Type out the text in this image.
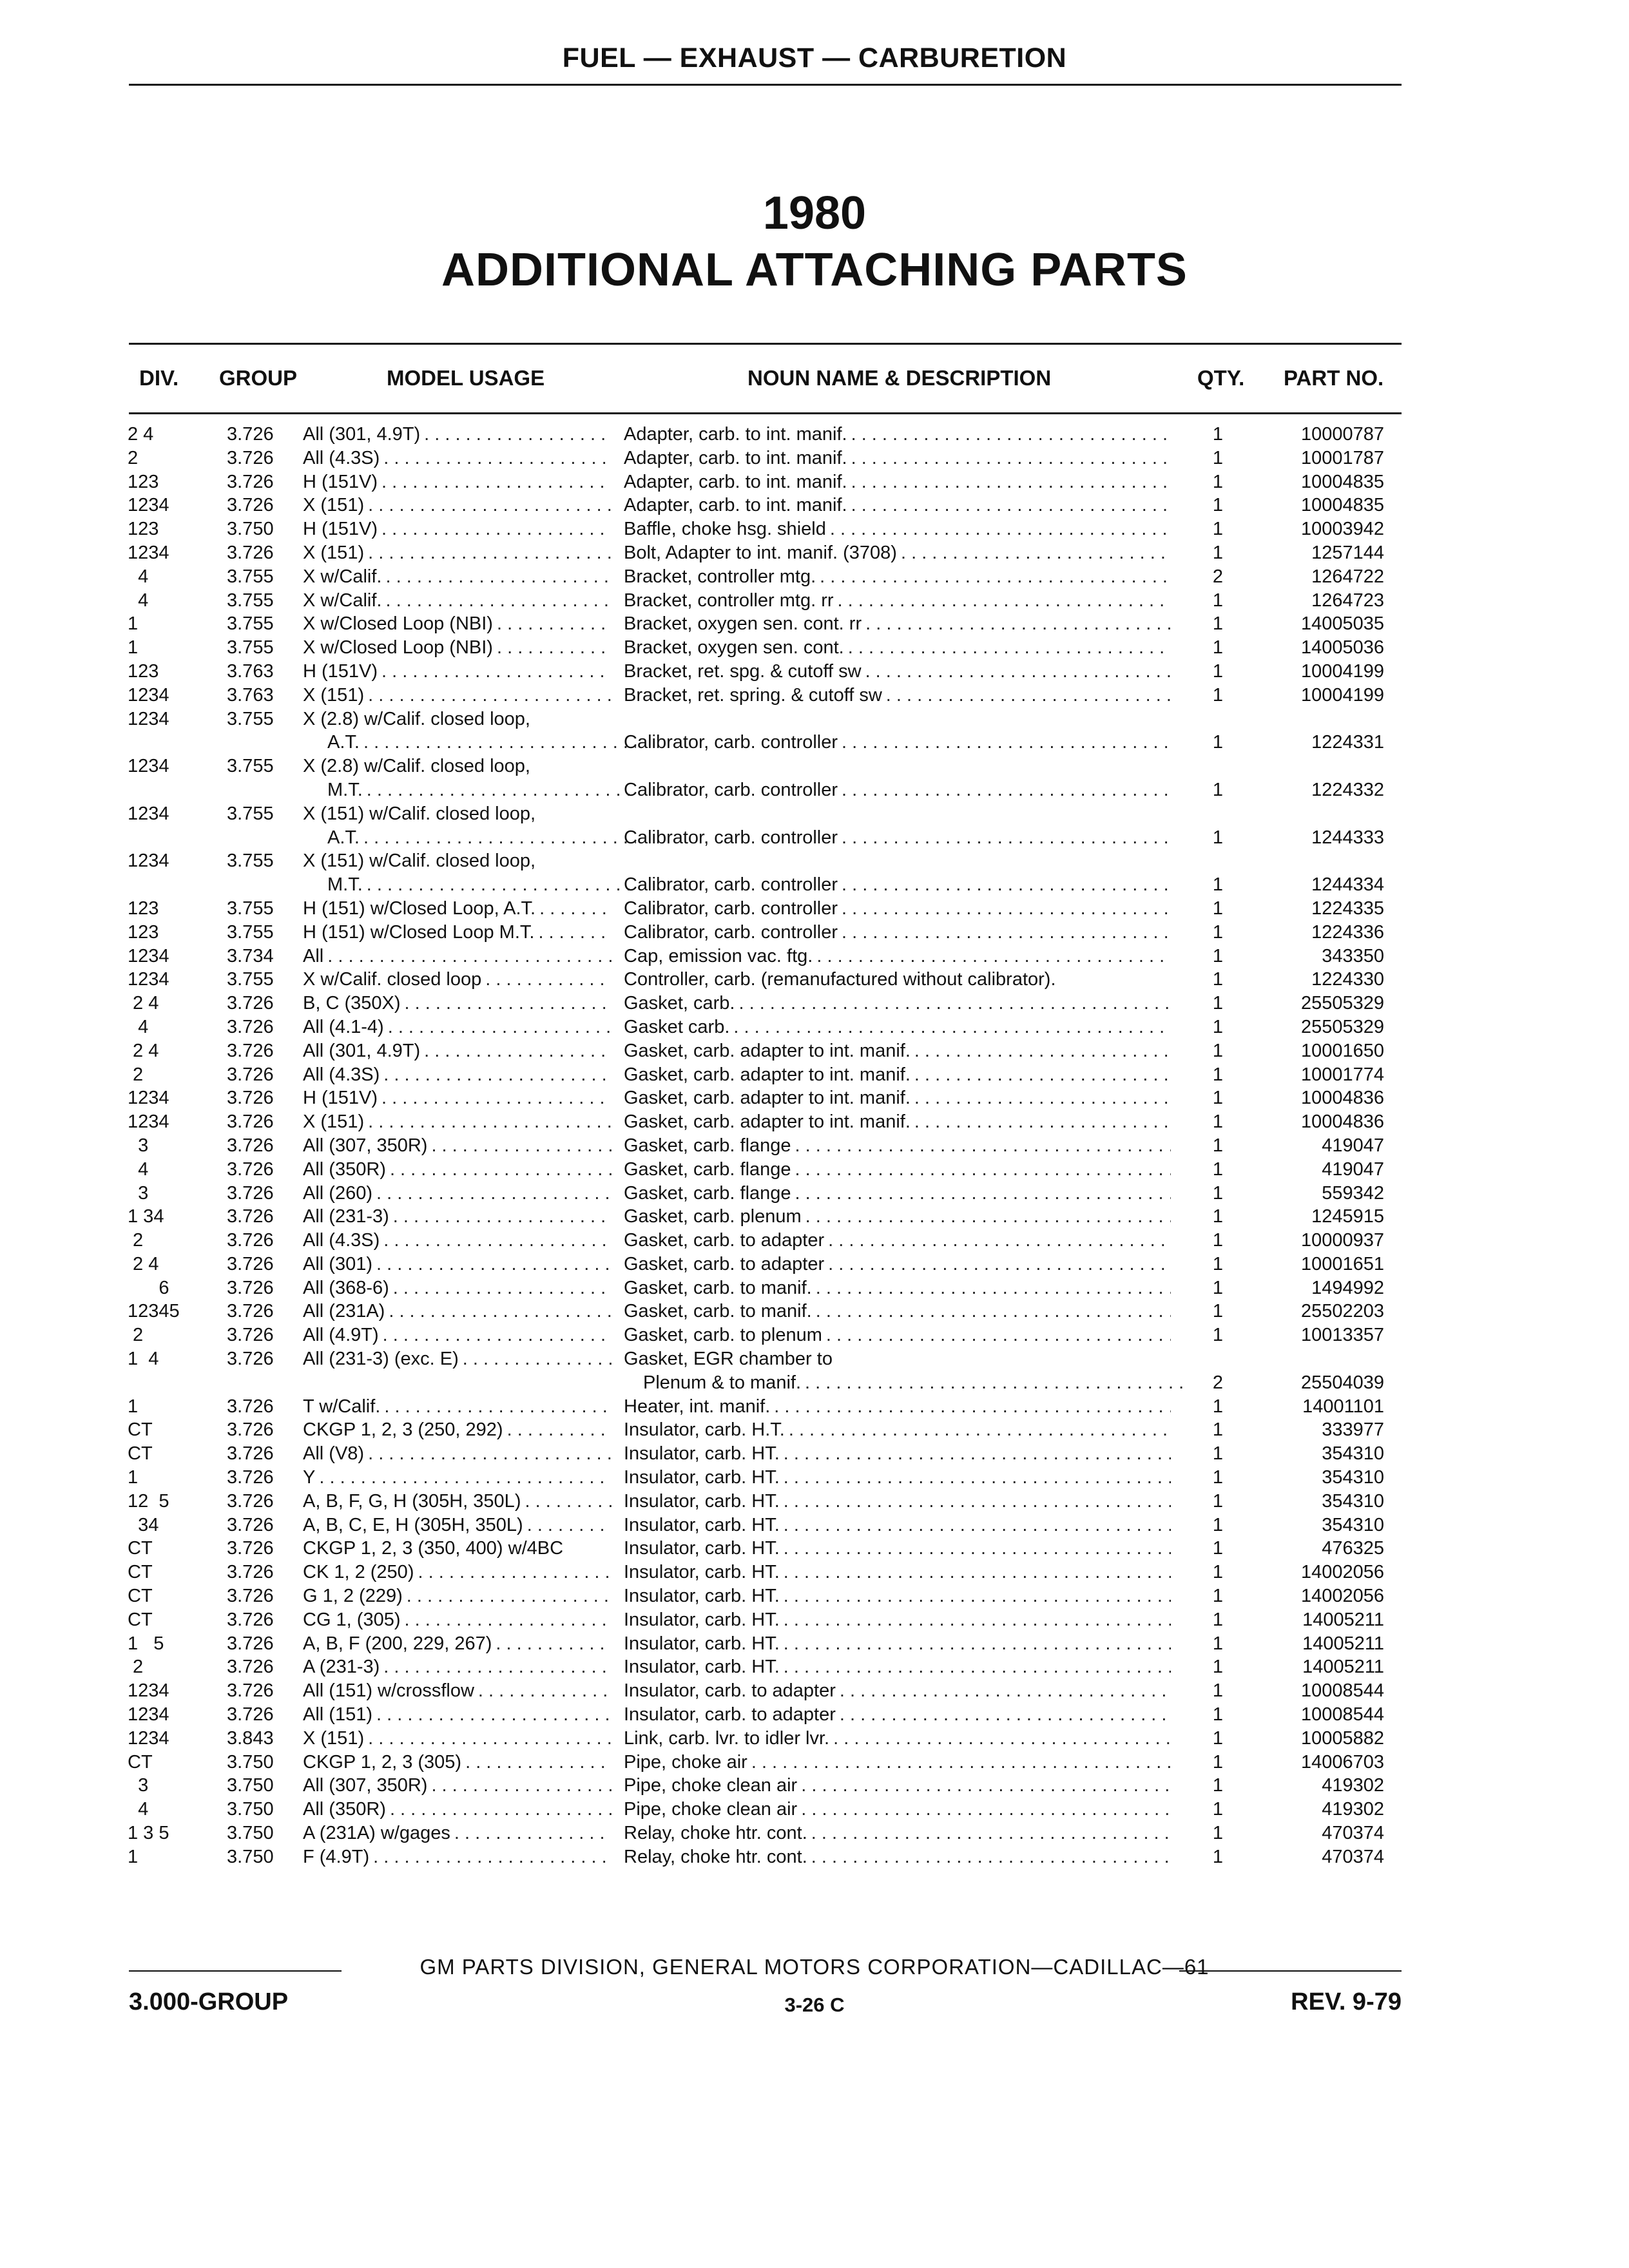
FUEL — EXHAUST — CARBURETION
1980
ADDITIONAL ATTACHING PARTS
DIV. GROUP	MODEL USAGE	NOUN NAME & DESCRIPTION	QTY. PART NO.
2 4	3.726	All (301, 4.9T) . . .	Adapter, carb. to int. manif. . . .	1	10000787
2	3.726	All (4.3S) . . .	Adapter, carb. to int. manif. . . .	1	10001787
123	3.726	H (151V) . . .	Adapter, carb. to int. manif. . . .	1	10004835
1234	3.726	X (151) . . .	Adapter, carb. to int. manif. . . .	1	10004835
123	3.750	H (151V) . . .	Baffle, choke hsg. shield . . .	1	10003942
1234	3.726	X (151) . . .	Bolt, Adapter to int. manif. (3708) . . .	1	1257144
4	3.755	X w/Calif. . . .	Bracket, controller mtg. . . .	2	1264722
4	3.755	X w/Calif. . . .	Bracket, controller mtg. rr . . .	1	1264723
1	3.755	X w/Closed Loop (NBI) . . .	Bracket, oxygen sen. cont. rr . . .	1	14005035
1	3.755	X w/Closed Loop (NBI) . . .	Bracket, oxygen sen. cont. . . .	1	14005036
123	3.763	H (151V) . . .	Bracket, ret. spg. & cutoff sw . . .	1	10004199
1234	3.763	X (151) . . .	Bracket, ret. spring. & cutoff sw . . .	1	10004199
1234	3.755	X (2.8) w/Calif. closed loop,
A.T. . . .	Calibrator, carb. controller . . .	1	1224331
1234	3.755	X (2.8) w/Calif. closed loop,
M.T. . . .	Calibrator, carb. controller . . .	1	1224332
1234	3.755	X (151) w/Calif. closed loop,
A.T. . . .	Calibrator, carb. controller . . .	1	1244333
1234	3.755	X (151) w/Calif. closed loop,
M.T. . . .	Calibrator, carb. controller . . .	1	1244334
123	3.755	H (151) w/Closed Loop, A.T. . . .	Calibrator, carb. controller . . .	1	1224335
123	3.755	H (151) w/Closed Loop M.T. . . .	Calibrator, carb. controller . . .	1	1224336
1234	3.734	All . . .	Cap, emission vac. ftg. . . .	1	343350
1234	3.755	X w/Calif. closed loop . . .	Controller, carb. (remanufactured without calibrator).	1	1224330
2 4	3.726	B, C (350X) . . .	Gasket, carb. . . .	1	25505329
4	3.726	All (4.1-4) . . .	Gasket carb. . . .	1	25505329
2 4	3.726	All (301, 4.9T) . . .	Gasket, carb. adapter to int. manif. . . .	1	10001650
2	3.726	All (4.3S) . . .	Gasket, carb. adapter to int. manif. . . .	1	10001774
1234	3.726	H (151V) . . .	Gasket, carb. adapter to int. manif. . . .	1	10004836
1234	3.726	X (151) . . .	Gasket, carb. adapter to int. manif. . . .	1	10004836
3	3.726	All (307, 350R) . . .	Gasket, carb. flange . . .	1	419047
4	3.726	All (350R) . . .	Gasket, carb. flange . . .	1	419047
3	3.726	All (260) . . .	Gasket, carb. flange . . .	1	559342
1 34	3.726	All (231-3) . . .	Gasket, carb. plenum . . .	1	1245915
2	3.726	All (4.3S) . . .	Gasket, carb. to adapter . . .	1	10000937
2 4	3.726	All (301) . . .	Gasket, carb. to adapter . . .	1	10001651
6	3.726	All (368-6) . . .	Gasket, carb. to manif. . . .	1	1494992
12345	3.726	All (231A) . . .	Gasket, carb. to manif. . . .	1	25502203
2	3.726	All (4.9T) . . .	Gasket, carb. to plenum . . .	1	10013357
1  4	3.726	All (231-3) (exc. E) . . .	Gasket, EGR chamber to
Plenum & to manif. . . .	2	25504039
1	3.726	T w/Calif. . . .	Heater, int. manif. . . .	1	14001101
CT	3.726	CKGP 1, 2, 3 (250, 292) . . .	Insulator, carb. H.T. . . .	1	333977
CT	3.726	All (V8) . . .	Insulator, carb. HT. . . .	1	354310
1	3.726	Y . . .	Insulator, carb. HT. . . .	1	354310
12  5	3.726	A, B, F, G, H (305H, 350L) . . .	Insulator, carb. HT. . . .	1	354310
34	3.726	A, B, C, E, H (305H, 350L) . . .	Insulator, carb. HT. . . .	1	354310
CT	3.726	CKGP 1, 2, 3 (350, 400) w/4BC	Insulator, carb. HT. . . .	1	476325
CT	3.726	CK 1, 2 (250) . . .	Insulator, carb. HT. . . .	1	14002056
CT	3.726	G 1, 2 (229) . . .	Insulator, carb. HT. . . .	1	14002056
CT	3.726	CG 1, (305) . . .	Insulator, carb. HT. . . .	1	14005211
1   5	3.726	A, B, F (200, 229, 267) . . .	Insulator, carb. HT. . . .	1	14005211
2	3.726	A (231-3) . . .	Insulator, carb. HT. . . .	1	14005211
1234	3.726	All (151) w/crossflow . . .	Insulator, carb. to adapter . . .	1	10008544
1234	3.726	All (151) . . .	Insulator, carb. to adapter . . .	1	10008544
1234	3.843	X (151) . . .	Link, carb. lvr. to idler lvr. . . .	1	10005882
CT	3.750	CKGP 1, 2, 3 (305) . . .	Pipe, choke air . . .	1	14006703
3	3.750	All (307, 350R) . . .	Pipe, choke clean air . . .	1	419302
4	3.750	All (350R) . . .	Pipe, choke clean air . . .	1	419302
1 3 5	3.750	A (231A) w/gages . . .	Relay, choke htr. cont. . . .	1	470374
1	3.750	F (4.9T) . . .	Relay, choke htr. cont. . . .	1	470374
GM PARTS DIVISION, GENERAL MOTORS CORPORATION—CADILLAC—61
3.000-GROUP	3-26 C	REV. 9-79
